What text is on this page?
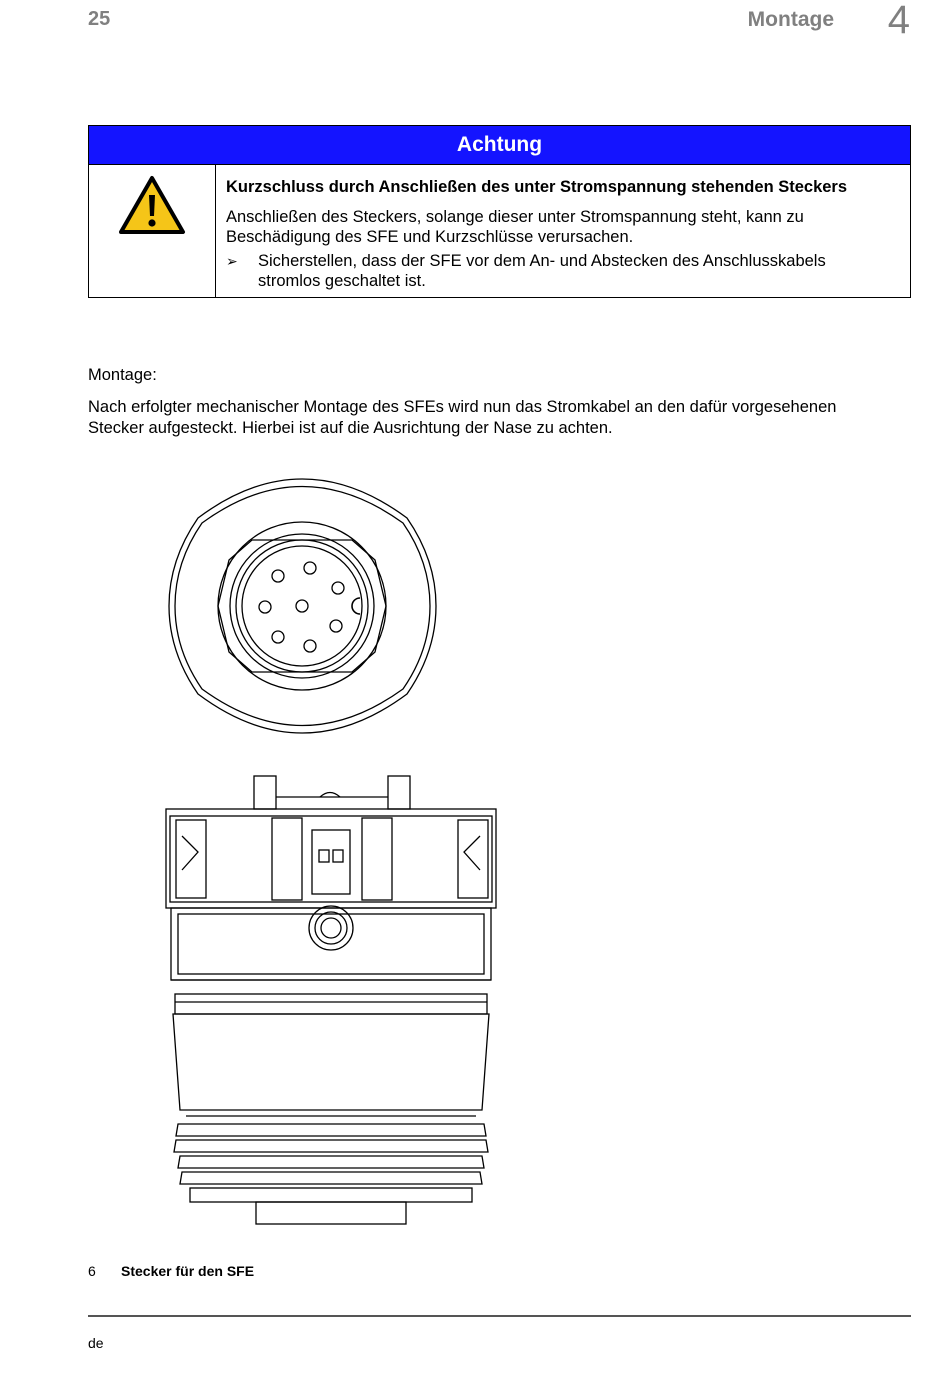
25	Montage 4
Achtung

Kurzschluss durch Anschließen des unter Stromspannung stehenden Steckers

Anschließen des Steckers, solange dieser unter Stromspannung steht, kann zu Beschädigung des SFE und Kurzschlüsse verursachen.

➢	Sicherstellen, dass der SFE vor dem An- und Abstecken des Anschlusskabels stromlos geschaltet ist.
Montage:
Nach erfolgter mechanischer Montage des SFEs wird nun das Stromkabel an den dafür vorgesehenen Stecker aufgesteckt. Hierbei ist auf die Ausrichtung der Nase zu achten.
6 Stecker für den SFE
de
